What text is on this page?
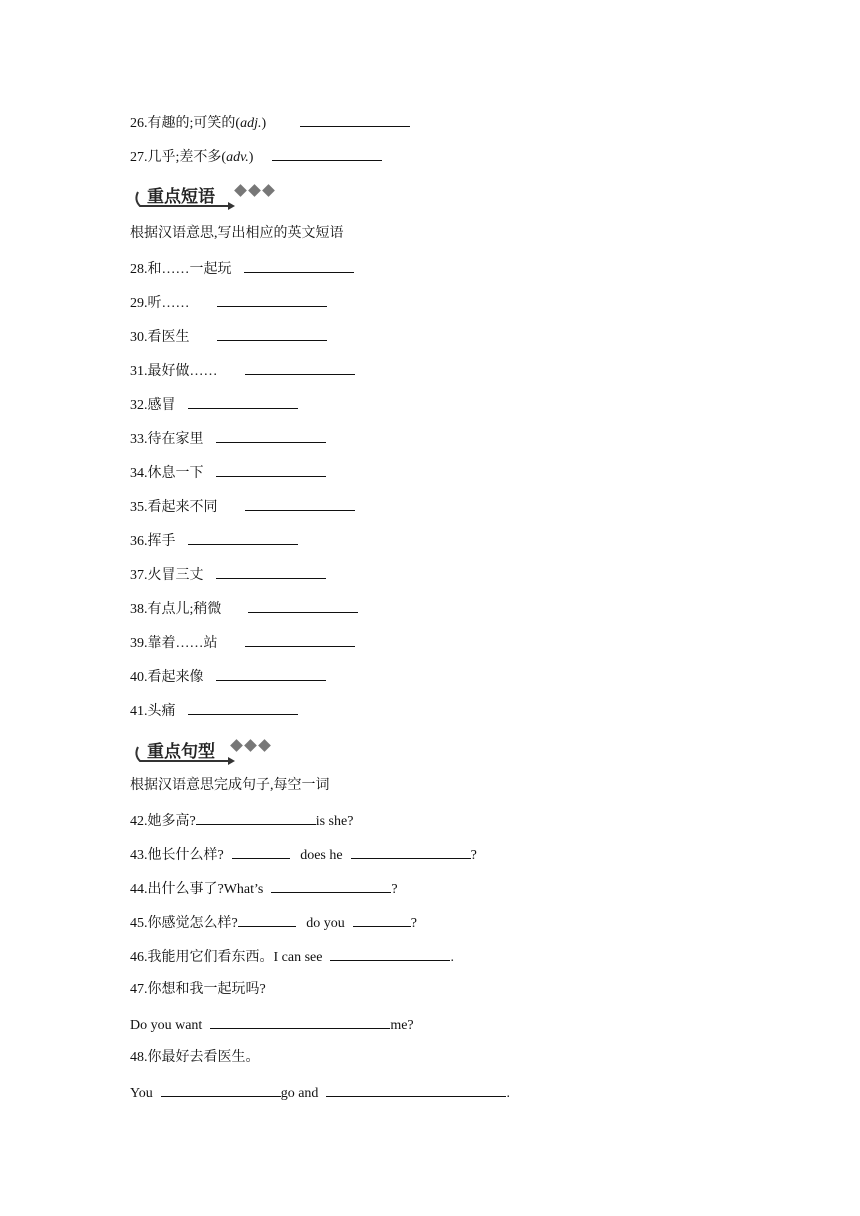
26.有趣的;可笑的(adj.)
27.几乎;差不多(adv.)
重点短语
根据汉语意思,写出相应的英文短语
28.和……一起玩
29.听……
30.看医生
31.最好做……
32.感冒
33.待在家里
34.休息一下
35.看起来不同
36.挥手
37.火冒三丈
38.有点儿;稍微
39.靠着……站
40.看起来像
41.头痛
重点句型
根据汉语意思完成句子,每空一词
42.她多高?	is she?
43.他长什么样?	does he	?
44.出什么事了?What’s	?
45.你感觉怎么样?	do you	?
46.我能用它们看东西。I can see	.
47.你想和我一起玩吗?
Do you want	me?
48.你最好去看医生。
You	go and	.
